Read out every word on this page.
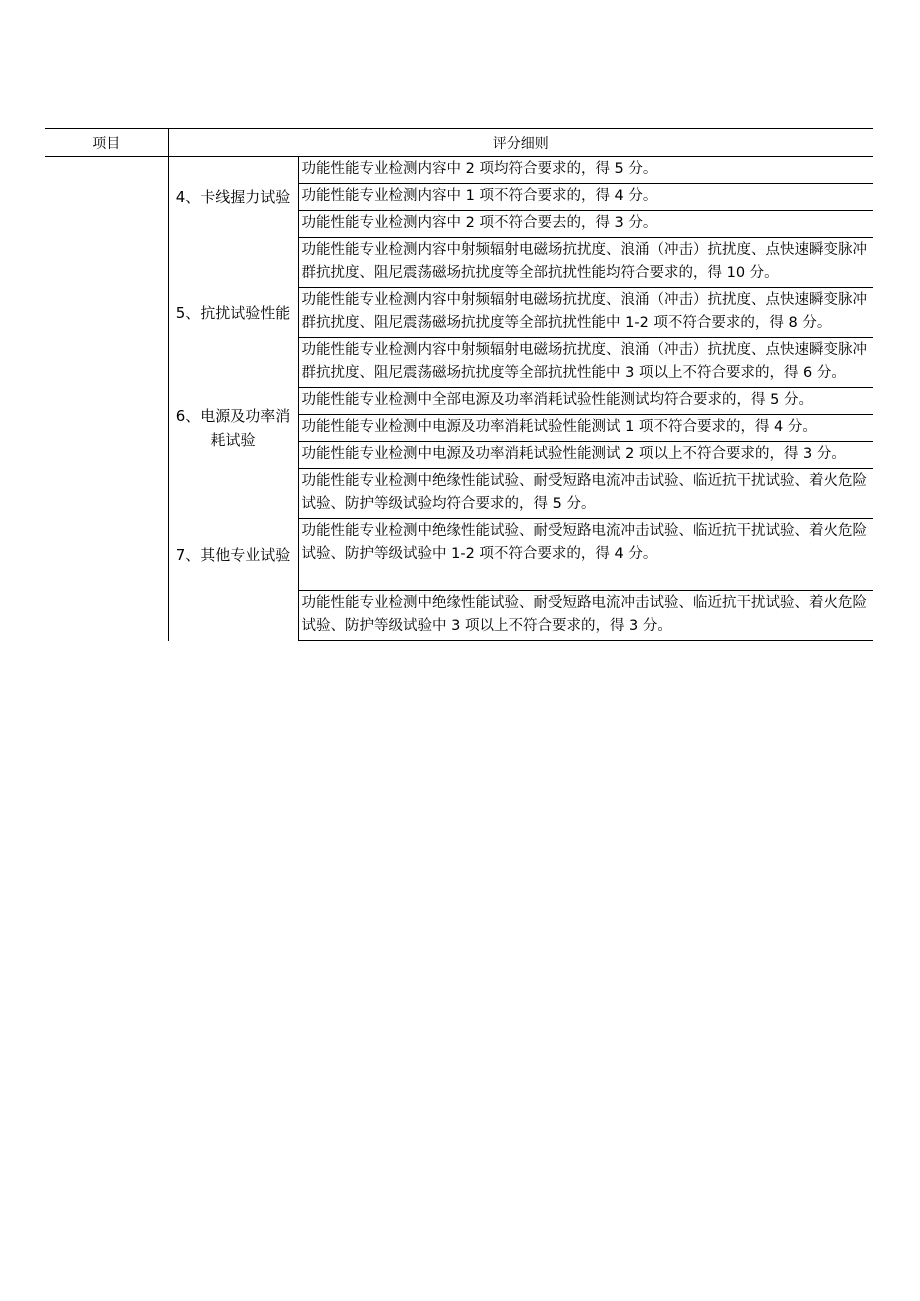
项目	评分细则	
	4、卡线握力试验	功能性能专业检测内容中 2 项均符合要求的，得 5 分。
		功能性能专业检测内容中 1 项不符合要求的，得 4 分。
		功能性能专业检测内容中 2 项不符合要去的，得 3 分。
	5、抗扰试验性能	功能性能专业检测内容中射频辐射电磁场抗扰度、浪涌（冲击）抗扰度、点快速瞬变脉冲群抗扰度、阻尼震荡磁场抗扰度等全部抗扰性能均符合要求的，得 10 分。
		功能性能专业检测内容中射频辐射电磁场抗扰度、浪涌（冲击）抗扰度、点快速瞬变脉冲群抗扰度、阻尼震荡磁场抗扰度等全部抗扰性能中 1-2 项不符合要求的，得 8 分。
		功能性能专业检测内容中射频辐射电磁场抗扰度、浪涌（冲击）抗扰度、点快速瞬变脉冲群抗扰度、阻尼震荡磁场抗扰度等全部抗扰性能中 3 项以上不符合要求的，得 6 分。
	6、电源及功率消耗试验	功能性能专业检测中全部电源及功率消耗试验性能测试均符合要求的，得 5 分。
		功能性能专业检测中电源及功率消耗试验性能测试 1 项不符合要求的，得 4 分。
		功能性能专业检测中电源及功率消耗试验性能测试 2 项以上不符合要求的，得 3 分。
	7、其他专业试验	功能性能专业检测中绝缘性能试验、耐受短路电流冲击试验、临近抗干扰试验、着火危险试验、防护等级试验均符合要求的，得 5 分。
		功能性能专业检测中绝缘性能试验、耐受短路电流冲击试验、临近抗干扰试验、着火危险试验、防护等级试验中 1-2 项不符合要求的，得 4 分。
		功能性能专业检测中绝缘性能试验、耐受短路电流冲击试验、临近抗干扰试验、着火危险试验、防护等级试验中 3 项以上不符合要求的，得 3 分。
